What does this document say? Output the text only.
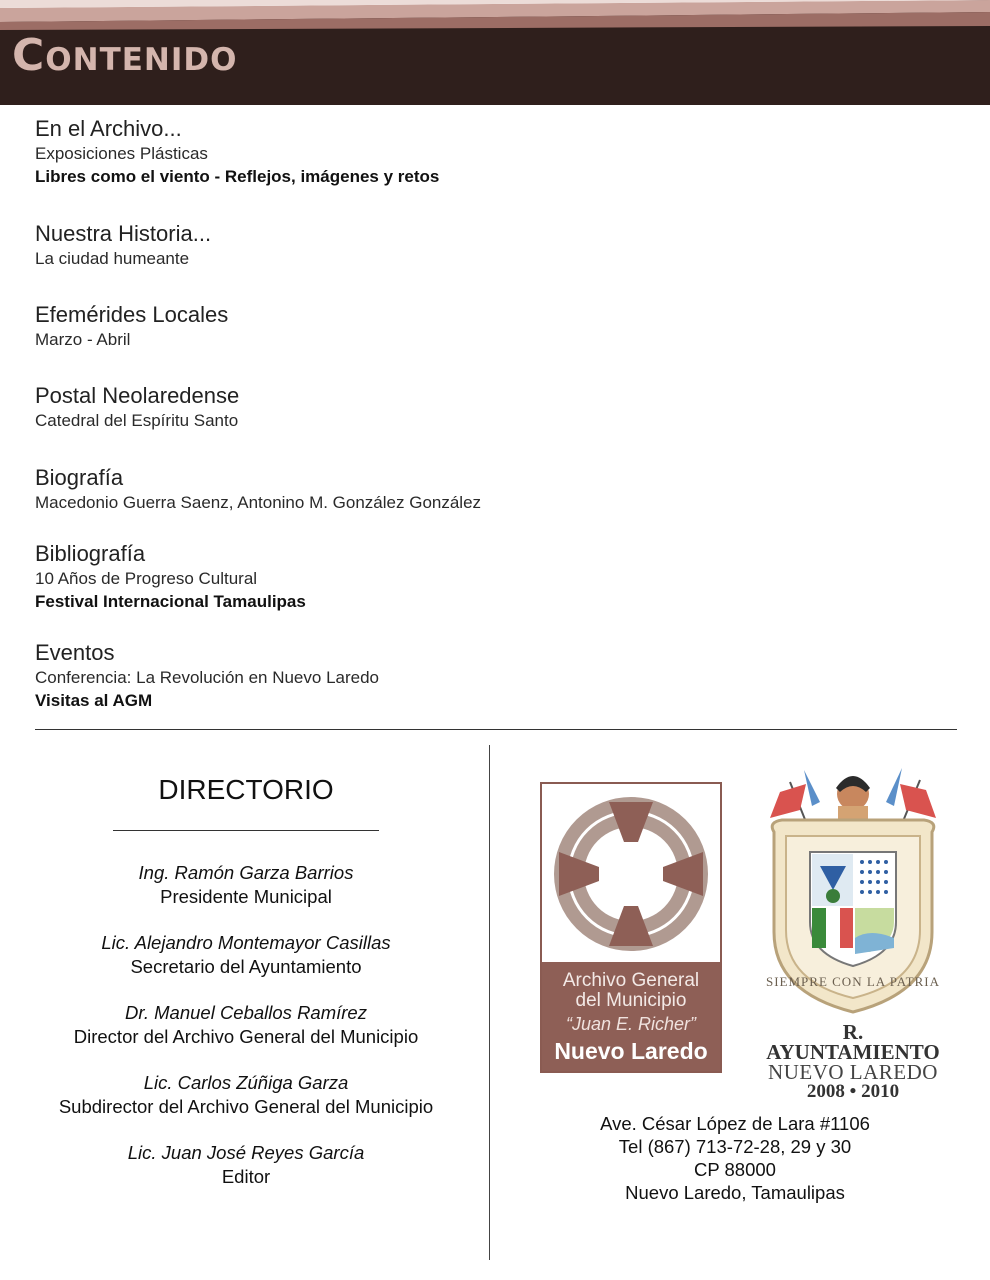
Contenido
En el Archivo...
Exposiciones Plásticas
Libres como el viento - Reflejos, imágenes y retos
Nuestra Historia...
La ciudad humeante
Efemérides Locales
Marzo - Abril
Postal Neolaredense
Catedral del Espíritu Santo
Biografía
Macedonio Guerra Saenz, Antonino M. González González
Bibliografía
10 Años de Progreso Cultural
Festival Internacional Tamaulipas
Eventos
Conferencia: La Revolución en Nuevo Laredo
Visitas al AGM
DIRECTORIO
Ing. Ramón Garza Barrios
Presidente Municipal
Lic. Alejandro Montemayor Casillas
Secretario del Ayuntamiento
Dr. Manuel Ceballos Ramírez
Director del Archivo General del Municipio
Lic. Carlos Zúñiga Garza
Subdirector del Archivo General del Municipio
Lic. Juan José Reyes García
Editor
Archivo General
del Municipio
“Juan E. Richer”
Nuevo Laredo
SIEMPRE CON LA PATRIA
R. AYUNTAMIENTO
NUEVO LAREDO
2008 • 2010
Ave. César López de Lara #1106
Tel (867) 713-72-28, 29 y 30
CP 88000
Nuevo Laredo, Tamaulipas
